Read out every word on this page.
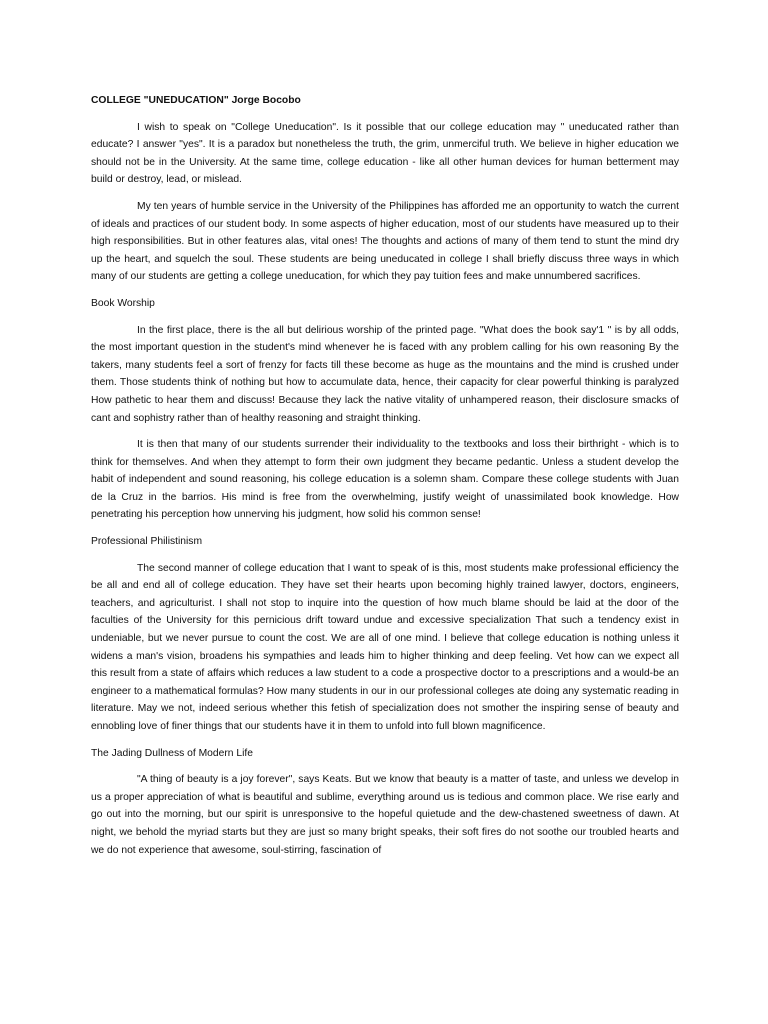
COLLEGE "UNEDUCATION" Jorge Bocobo

I wish to speak on "College Uneducation". Is it possible that our college education may " uneducated rather than educate? I answer "yes". It is a paradox but nonetheless the truth, the grim, unmerciful truth. We believe in higher education we should not be in the University. At the same time, college education - like all other human devices for human betterment may build or destroy, lead, or mislead.

My ten years of humble service in the University of the Philippines has afforded me an opportunity to watch the current of ideals and practices of our student body. In some aspects of higher education, most of our students have measured up to their high responsibilities. But in other features alas, vital ones! The thoughts and actions of many of them tend to stunt the mind dry up the heart, and squelch the soul. These students are being uneducated in college I shall briefly discuss three ways in which many of our students are getting a college uneducation, for which they pay tuition fees and make unnumbered sacrifices.

Book Worship

In the first place, there is the all but delirious worship of the printed page. "What does the book say'1 " is by all odds, the most important question in the student's mind whenever he is faced with any problem calling for his own reasoning By the takers, many students feel a sort of frenzy for facts till these become as huge as the mountains and the mind is crushed under them. Those students think of nothing but how to accumulate data, hence, their capacity for clear powerful thinking is paralyzed How pathetic to hear them and discuss! Because they lack the native vitality of unhampered reason, their disclosure smacks of cant and sophistry rather than of healthy reasoning and straight thinking.

It is then that many of our students surrender their individuality to the textbooks and loss their birthright - which is to think for themselves. And when they attempt to form their own judgment they became pedantic. Unless a student develop the habit of independent and sound reasoning, his college education is a solemn sham. Compare these college students with Juan de la Cruz in the barrios. His mind is free from the overwhelming, justify weight of unassimilated book knowledge. How penetrating his perception how unnerving his judgment, how solid his common sense!

Professional Philistinism

The second manner of college education that I want to speak of is this, most students make professional efficiency the be all and end all of college education. They have set their hearts upon becoming highly trained lawyer, doctors, engineers, teachers, and agriculturist. I shall not stop to inquire into the question of how much blame should be laid at the door of the faculties of the University for this pernicious drift toward undue and excessive specialization That such a tendency exist in undeniable, but we never pursue to count the cost. We are all of one mind. I believe that college education is nothing unless it widens a man's vision, broadens his sympathies and leads him to higher thinking and deep feeling. Vet how can we expect all this result from a state of affairs which reduces a law student to a code a prospective doctor to a prescriptions and a would-be an engineer to a mathematical formulas? How many students in our in our professional colleges ate doing any systematic reading in literature. May we not, indeed serious whether this fetish of specialization does not smother the inspiring sense of beauty and ennobling love of finer things that our students have it in them to unfold into full blown magnificence.

The Jading Dullness of Modern Life

"A thing of beauty is a joy forever", says Keats. But we know that beauty is a matter of taste, and unless we develop in us a proper appreciation of what is beautiful and sublime, everything around us is tedious and common place. We rise early and go out into the morning, but our spirit is unresponsive to the hopeful quietude and the dew-chastened sweetness of dawn. At night, we behold the myriad starts but they are just so many bright speaks, their soft fires do not soothe our troubled hearts and we do not experience that awesome, soul-stirring, fascination of
